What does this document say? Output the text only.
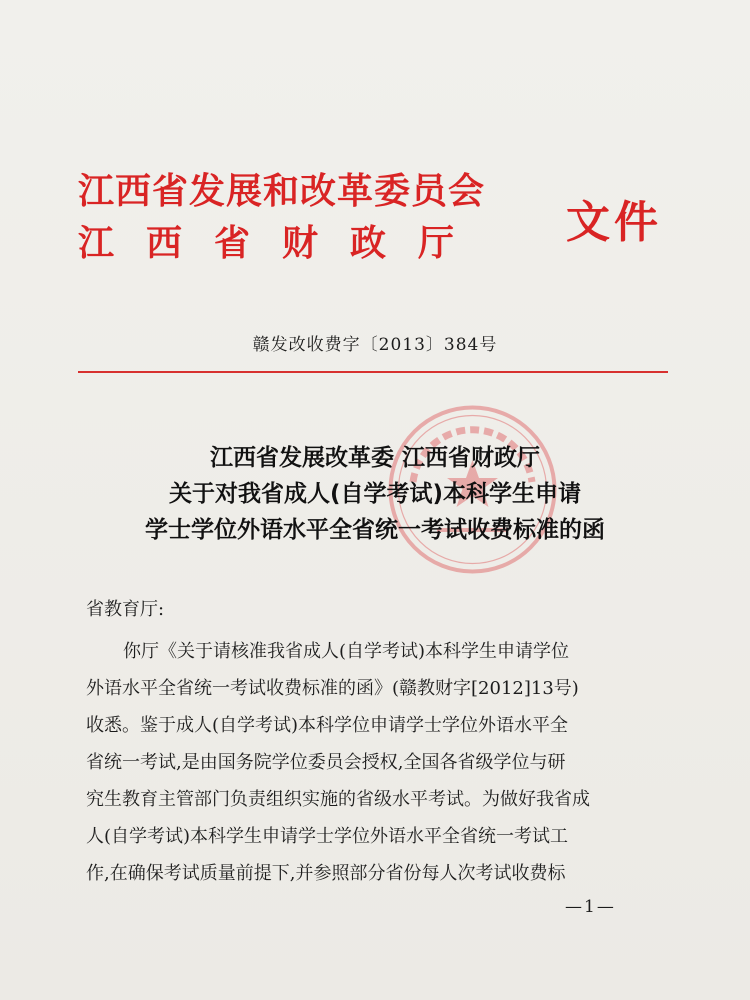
江西省发展和改革委员会
江西省财政厅	文件
赣发改收费字〔2013〕384号
江西省发展改革委 江西省财政厅
关于对我省成人(自学考试)本科学生申请
学士学位外语水平全省统一考试收费标准的函
省教育厅:
你厅《关于请核准我省成人(自学考试)本科学生申请学位
外语水平全省统一考试收费标准的函》(赣教财字[2012]13号)
收悉。鉴于成人(自学考试)本科学位申请学士学位外语水平全
省统一考试,是由国务院学位委员会授权,全国各省级学位与研
究生教育主管部门负责组织实施的省级水平考试。为做好我省成
人(自学考试)本科学生申请学士学位外语水平全省统一考试工
作,在确保考试质量前提下,并参照部分省份每人次考试收费标
—1—
